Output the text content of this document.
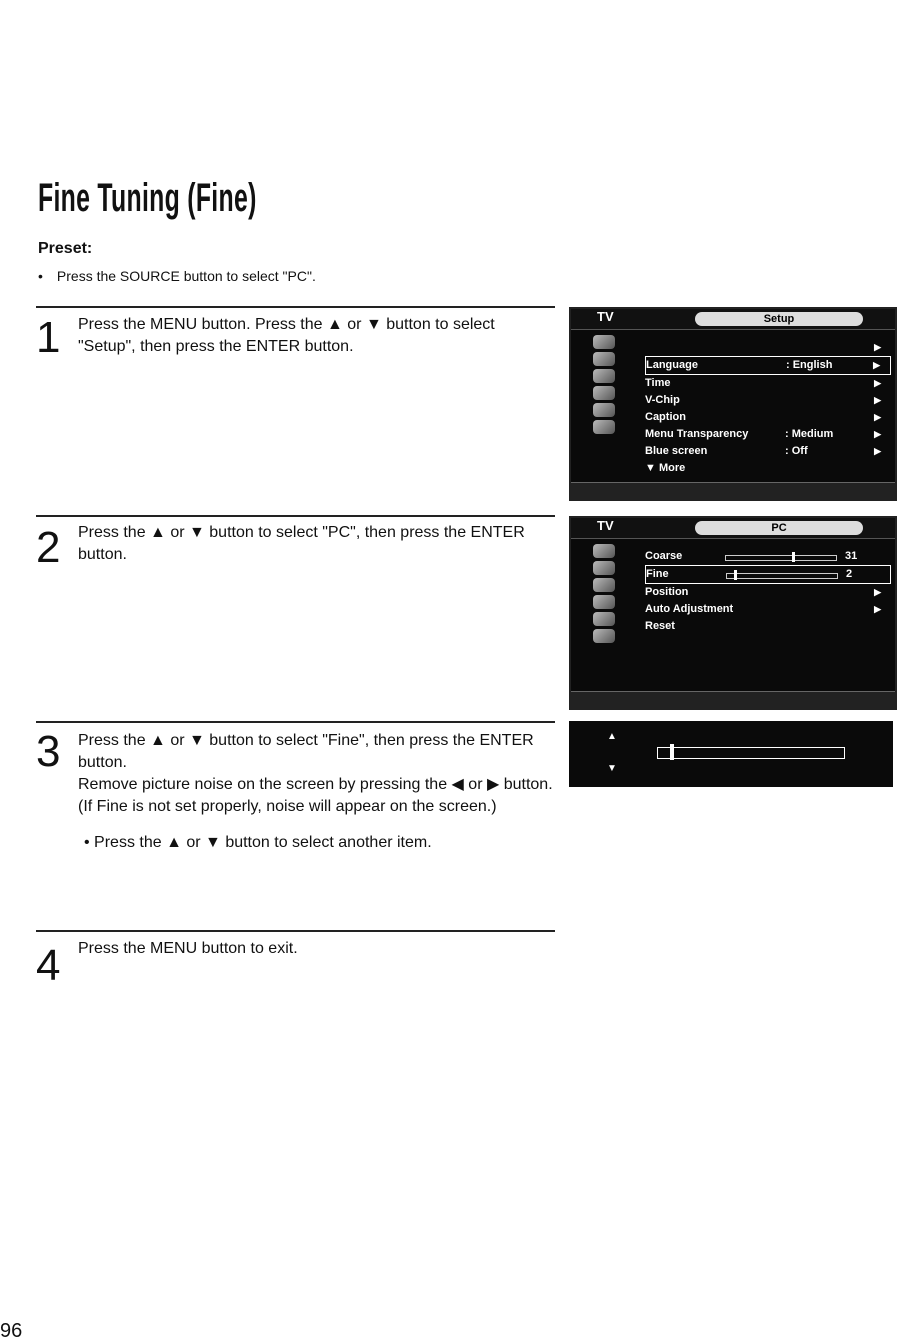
Fine Tuning (Fine)
Preset:
• Press the SOURCE button to select "PC".
1 Press the MENU button. Press the ▲ or ▼ button to select "Setup", then press the ENTER button.

2 Press the ▲ or ▼ button to select "PC", then press the ENTER button.

3 Press the ▲ or ▼ button to select "Fine", then press the ENTER button.

Remove picture noise on the screen by pressing the ◀ or ▶ button. (If Fine is not set properly, noise will appear on the screen.)

• Press the ▲ or ▼ button to select another item.

4 Press the MENU button to exit.

TV	Setup
▶
Language	: English	▶
Time	▶
V-Chip	▶
Caption	▶
Menu Transparency	: Medium	▶
Blue screen	: Off	▶
▼ More
TV	PC
Coarse	31
Fine	2
Position	▶
Auto Adjustment	▶
Reset
▲
▼
96
